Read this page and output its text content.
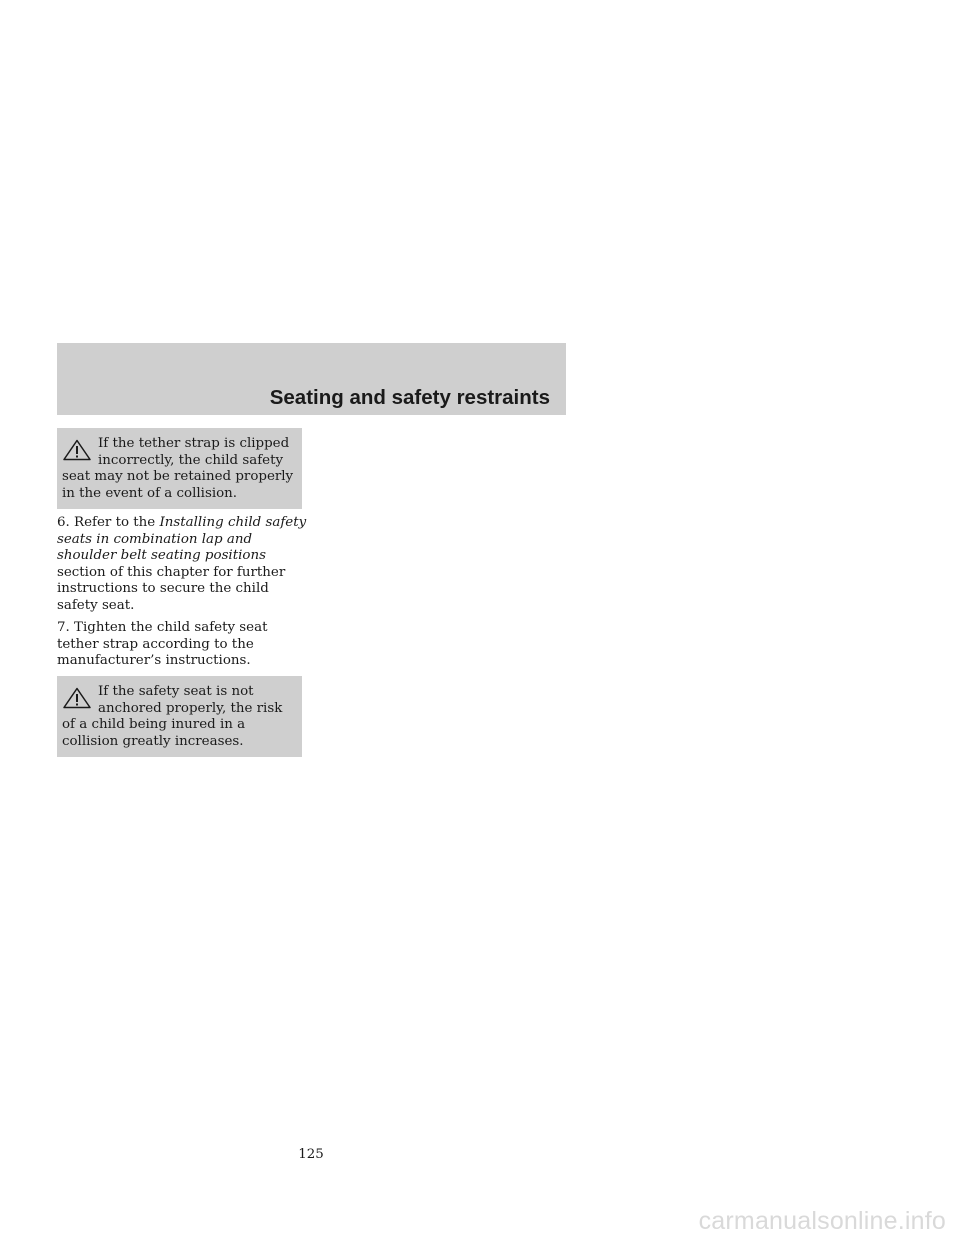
Seating and safety restraints
If the tether strap is clipped incorrectly, the child safety seat may not be retained properly in the event of a collision.
6. Refer to the Installing child safety seats in combination lap and shoulder belt seating positions section of this chapter for further instructions to secure the child safety seat.
7. Tighten the child safety seat tether strap according to the manufacturer’s instructions.
If the safety seat is not anchored properly, the risk of a child being inured in a collision greatly increases.
125
carmanualsonline.info
